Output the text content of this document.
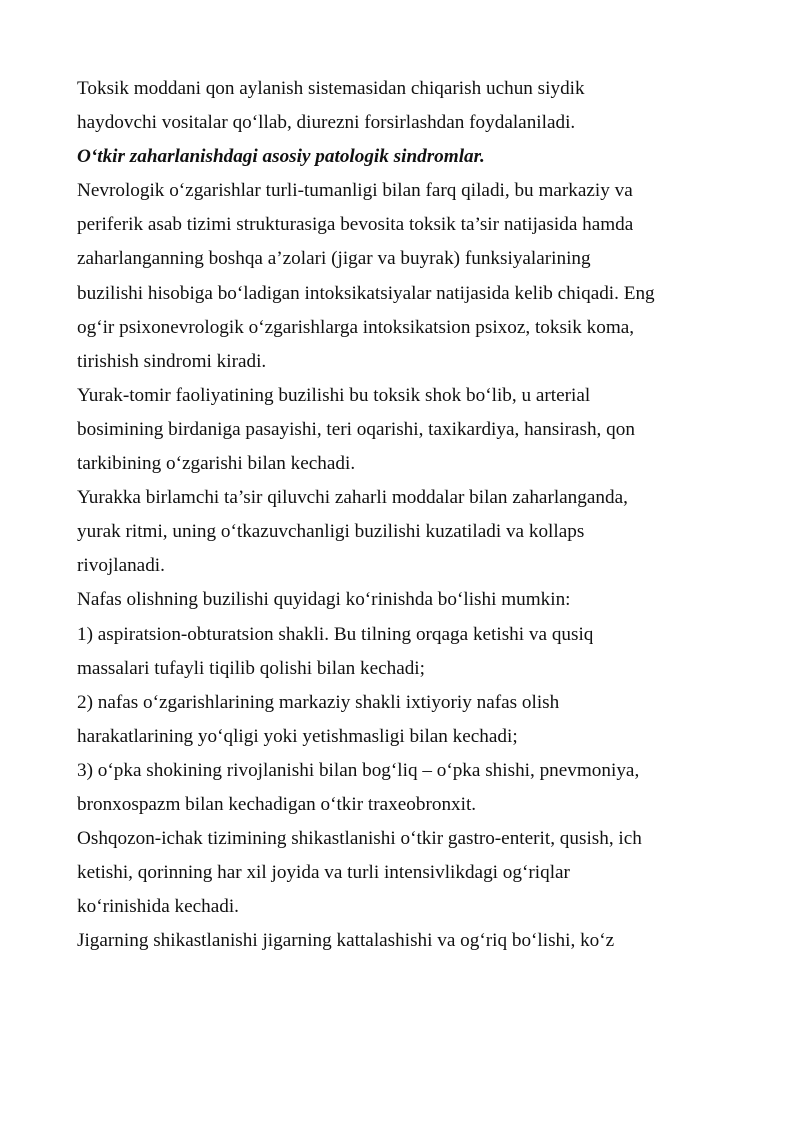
Toksik moddani qon aylanish sistemasidan chiqarish uchun siydik
haydovchi vositalar qo‘llab, diurezni forsirlashdan foydalaniladi.
O‘tkir zaharlanishdagi asosiy patologik sindromlar.
Nevrologik o‘zgarishlar turli-tumanligi bilan farq qiladi, bu markaziy va
periferik asab tizimi strukturasiga bevosita toksik ta’sir natijasida hamda
zaharlanganning boshqa a’zolari (jigar va buyrak) funksiyalarining
buzilishi hisobiga bo‘ladigan intoksikatsiyalar natijasida kelib chiqadi. Eng
og‘ir psixonevrologik o‘zgarishlarga intoksikatsion psixoz, toksik koma,
tirishish sindromi kiradi.
Yurak-tomir faoliyatining buzilishi bu toksik shok bo‘lib, u arterial
bosimining birdaniga pasayishi, teri oqarishi, taxikardiya, hansirash, qon
tarkibining o‘zgarishi bilan kechadi.
Yurakka birlamchi ta’sir qiluvchi zaharli moddalar bilan zaharlanganda,
yurak ritmi, uning o‘tkazuvchanligi buzilishi kuzatiladi va kollaps
rivojlanadi.
Nafas olishning buzilishi quyidagi ko‘rinishda bo‘lishi mumkin:
1) aspiratsion-obturatsion shakli. Bu tilning orqaga ketishi va qusiq
massalari tufayli tiqilib qolishi bilan kechadi;
2) nafas o‘zgarishlarining markaziy shakli ixtiyoriy nafas olish
harakatlarining yo‘qligi yoki yetishmasligi bilan kechadi;
3) o‘pka shokining rivojlanishi bilan bog‘liq – o‘pka shishi, pnevmoniya,
bronxospazm bilan kechadigan o‘tkir traxeobronxit.
Oshqozon-ichak tizimining shikastlanishi o‘tkir gastro-enterit, qusish, ich
ketishi, qorinning har xil joyida va turli intensivlikdagi og‘riqlar
ko‘rinishida kechadi.
Jigarning shikastlanishi jigarning kattalashishi va og‘riq bo‘lishi, ko‘z
